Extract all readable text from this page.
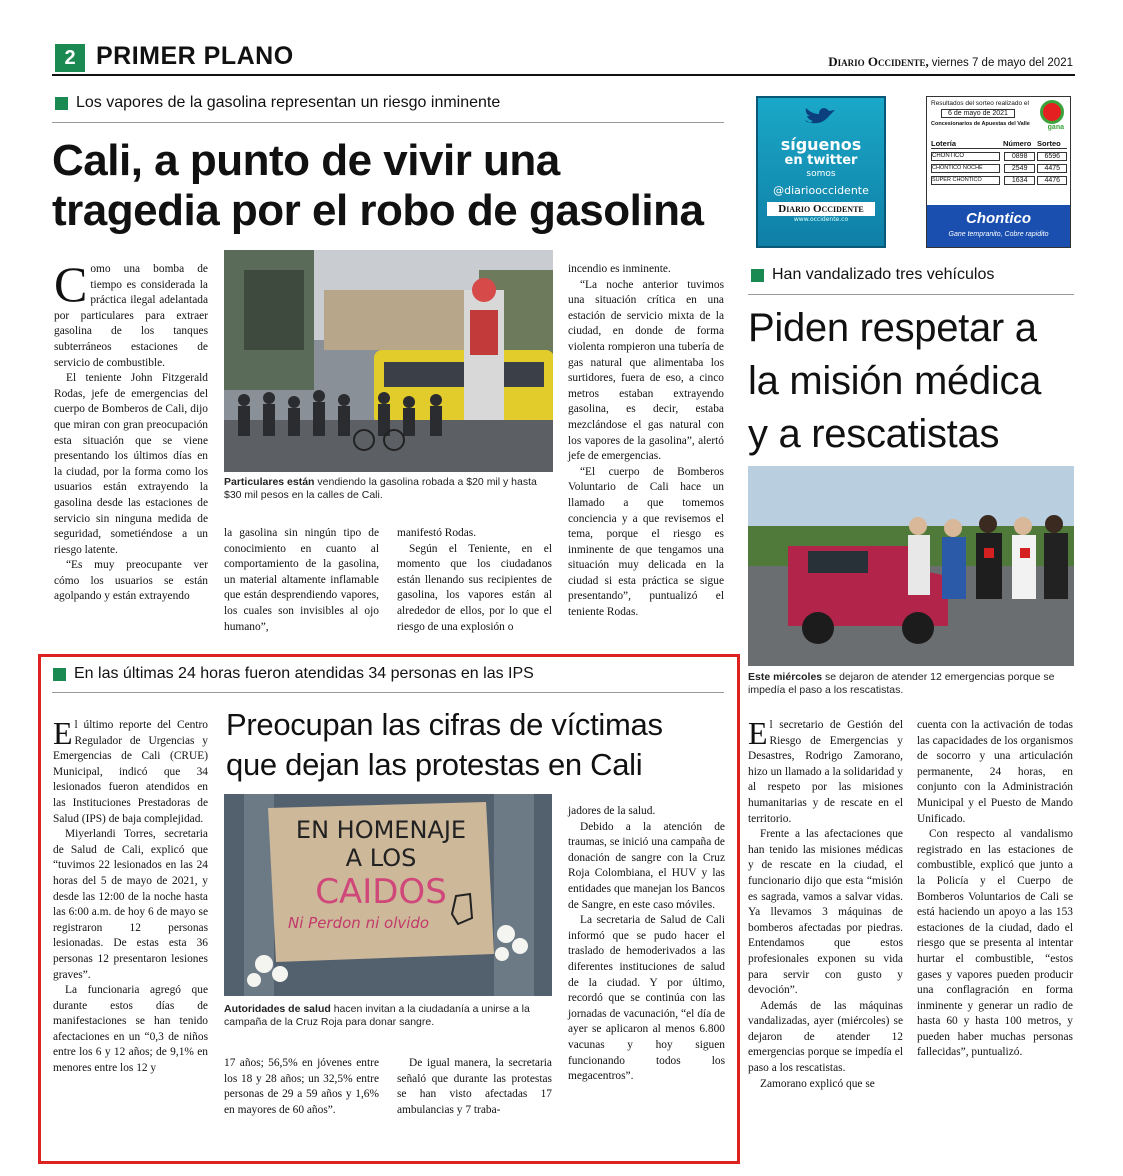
2 PRIMER PLANO	Diario Occidente, viernes 7 de mayo del 2021
Los vapores de la gasolina representan un riesgo inminente
Cali, a punto de vivir una
tragedia por el robo de gasolina

Como una bomba de tiempo es considerada la práctica ilegal adelantada por particulares para extraer gasolina de los tanques subterráneos estaciones de servicio de combustible.

El teniente John Fitzgerald Rodas, jefe de emergencias del cuerpo de Bomberos de Cali, dijo que miran con gran preocupación esta situación que se viene presentando los últimos días en la ciudad, por la forma como los usuarios están extrayendo la gasolina desde las estaciones de servicio sin ninguna medida de seguridad, sometiéndose a un riesgo latente.

“Es muy preocupante ver cómo los usuarios se están agolpando y están extrayendo

Particulares están vendiendo la gasolina robada a $20 mil y hasta $30 mil pesos en la calles de Cali.

la gasolina sin ningún tipo de conocimiento en cuanto al comportamiento de la gasolina, un material altamente inflamable que están desprendiendo vapores, los cuales son invisibles al ojo humano”,

manifestó Rodas.

Según el Teniente, en el momento que los ciudadanos están llenando sus recipientes de gasolina, los vapores están al alrededor de ellos, por lo que el riesgo de una explosión o

incendio es inminente.

“La noche anterior tuvimos una situación crítica en una estación de servicio mixta de la ciudad, en donde de forma violenta rompieron una tubería de gas natural que alimentaba los surtidores, fuera de eso, a cinco metros estaban extrayendo gasolina, es decir, estaba mezclándose el gas natural con los vapores de la gasolina”, alertó jefe de emergencias.

“El cuerpo de Bomberos Voluntario de Cali hace un llamado a que tomemos conciencia y a que revisemos el tema, porque el riesgo es inminente de que tengamos una situación muy delicada en la ciudad si esta práctica se sigue presentando”, puntualizó el teniente Rodas.

síguenos
en twitter
somos
@diariooccidente
Diario Occidente
www.occidente.co
Resultados del sorteo realizado el
6 de mayo de 2021
Concesionarios de Apuestas del Valle	gana
Lotería	Número Sorteo
CHONTICO	0898	6596
CHONTICO NOCHE	2549	4475
SUPER CHONTICO	1634	4476
Chontico
Gane tempranito, Cobre rapidito
Han vandalizado tres vehículos
Piden respetar a
la misión médica
y a rescatistas
Este miércoles se dejaron de atender 12 emergencias porque se impedía el paso a los rescatistas.

El secretario de Gestión del Riesgo de Emergencias y Desastres, Rodrigo Zamorano, hizo un llamado a la solidaridad y al respeto por las misiones humanitarias y de rescate en el territorio.

Frente a las afectaciones que han tenido las misiones médicas y de rescate en la ciudad, el funcionario dijo que esta “misión es sagrada, vamos a salvar vidas. Ya llevamos 3 máquinas de bomberos afectadas por piedras. Entendamos que estos profesionales exponen su vida para servir con gusto y devoción”.

Además de las máquinas vandalizadas, ayer (miércoles) se dejaron de atender 12 emergencias porque se impedía el paso a los rescatistas.

Zamorano explicó que se

cuenta con la activación de todas las capacidades de los organismos de socorro y una articulación permanente, 24 horas, en conjunto con la Administración Municipal y el Puesto de Mando Unificado.

Con respecto al vandalismo registrado en las estaciones de combustible, explicó que junto a la Policía y el Cuerpo de Bomberos Voluntarios de Cali se está haciendo un apoyo a las 153 estaciones de la ciudad, dado el riesgo que se presenta al intentar hurtar el combustible, “estos gases y vapores pueden producir una conflagración en forma inminente y generar un radio de hasta 60 y hasta 100 metros, y pueden haber muchas personas fallecidas”, puntualizó.

En las últimas 24 horas fueron atendidas 34 personas en las IPS
Preocupan las cifras de víctimas
que dejan las protestas en Cali

El último reporte del Centro Regulador de Urgencias y Emergencias de Cali (CRUE) Municipal, indicó que 34 lesionados fueron atendidos en las Instituciones Prestadoras de Salud (IPS) de baja complejidad.

Miyerlandi Torres, secretaria de Salud de Cali, explicó que “tuvimos 22 lesionados en las 24 horas del 5 de mayo de 2021, y desde las 12:00 de la noche hasta las 6:00 a.m. de hoy 6 de mayo se registraron 12 personas lesionadas. De estas esta 36 personas 12 presentaron lesiones graves”.

La funcionaria agregó que durante estos días de manifestaciones se han tenido afectaciones en un “0,3 de niños entre los 6 y 12 años; de 9,1% en menores entre los 12 y

EN HOMENAJE
A LOS
CAIDOS
Ni Perdon ni olvido
Autoridades de salud hacen invitan a la ciudadanía a unirse a la campaña de la Cruz Roja para donar sangre.

17 años; 56,5% en jóvenes entre los 18 y 28 años; un 32,5% entre personas de 29 a 59 años y 1,6% en mayores de 60 años”.

De igual manera, la secretaria señaló que durante las protestas se han visto afectadas 17 ambulancias y 7 traba-

jadores de la salud.

Debido a la atención de traumas, se inició una campaña de donación de sangre con la Cruz Roja Colombiana, el HUV y las entidades que manejan los Bancos de Sangre, en este caso móviles.

La secretaria de Salud de Cali informó que se pudo hacer el traslado de hemoderivados a las diferentes instituciones de salud de la ciudad. Y por último, recordó que se continúa con las jornadas de vacunación, “el día de ayer se aplicaron al menos 6.800 vacunas y hoy siguen funcionando todos los megacentros”.
